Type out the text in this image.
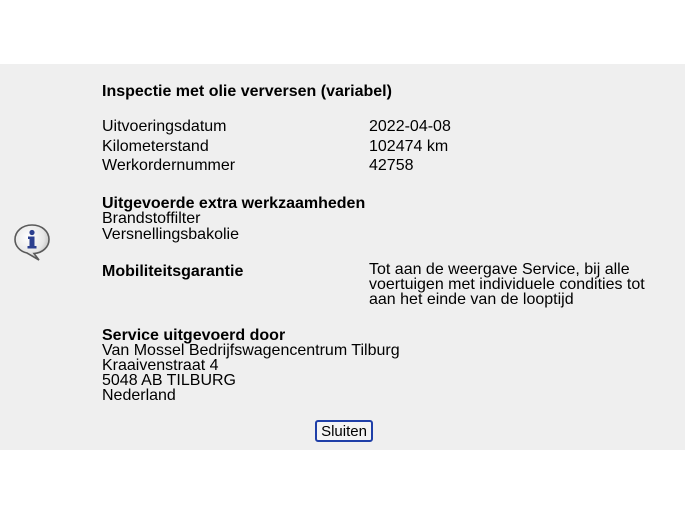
Inspectie met olie verversen (variabel)
Uitvoeringsdatum	2022-04-08
Kilometerstand	102474 km
Werkordernummer	42758
Uitgevoerde extra werkzaamheden
Brandstoffilter
Versnellingsbakolie
Mobiliteitsgarantie	Tot aan de weergave Service, bij alle
voertuigen met individuele condities tot
aan het einde van de looptijd
Service uitgevoerd door
Van Mossel Bedrijfswagencentrum Tilburg
Kraaivenstraat 4
5048 AB TILBURG
Nederland
Sluiten
